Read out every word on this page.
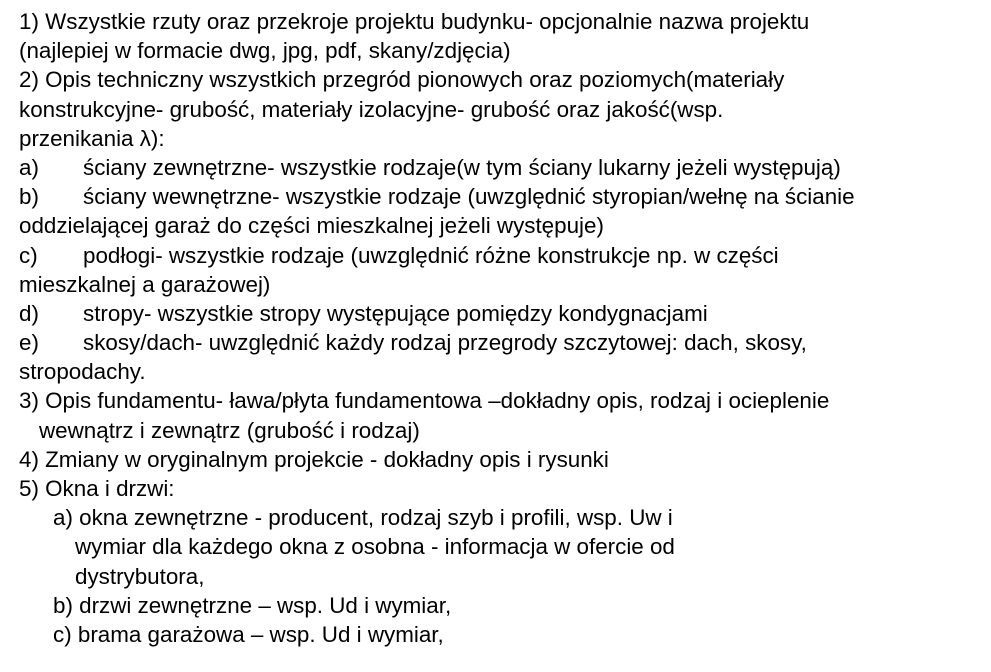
1) Wszystkie rzuty oraz przekroje projektu budynku- opcjonalnie nazwa projektu
(najlepiej w formacie dwg, jpg, pdf, skany/zdjęcia)
2) Opis techniczny wszystkich przegród pionowych oraz poziomych(materiały
konstrukcyjne- grubość, materiały izolacyjne- grubość oraz jakość(wsp.
przenikania λ):
a) ściany zewnętrzne- wszystkie rodzaje(w tym ściany lukarny jeżeli występują)
b) ściany wewnętrzne- wszystkie rodzaje (uwzględnić styropian/wełnę na ścianie
oddzielającej garaż do części mieszkalnej jeżeli występuje)
c) podłogi- wszystkie rodzaje (uwzględnić różne konstrukcje np. w części
mieszkalnej a garażowej)
d) stropy- wszystkie stropy występujące pomiędzy kondygnacjami
e) skosy/dach- uwzględnić każdy rodzaj przegrody szczytowej: dach, skosy,
stropodachy.
3) Opis fundamentu- ława/płyta fundamentowa –dokładny opis, rodzaj i ocieplenie
wewnątrz i zewnątrz (grubość i rodzaj)
4) Zmiany w oryginalnym projekcie - dokładny opis i rysunki
5) Okna i drzwi:
a) okna zewnętrzne - producent, rodzaj szyb i profili, wsp. Uw i
wymiar dla każdego okna z osobna - informacja w ofercie od
dystrybutora,
b) drzwi zewnętrzne – wsp. Ud i wymiar,
c) brama garażowa – wsp. Ud i wymiar,
